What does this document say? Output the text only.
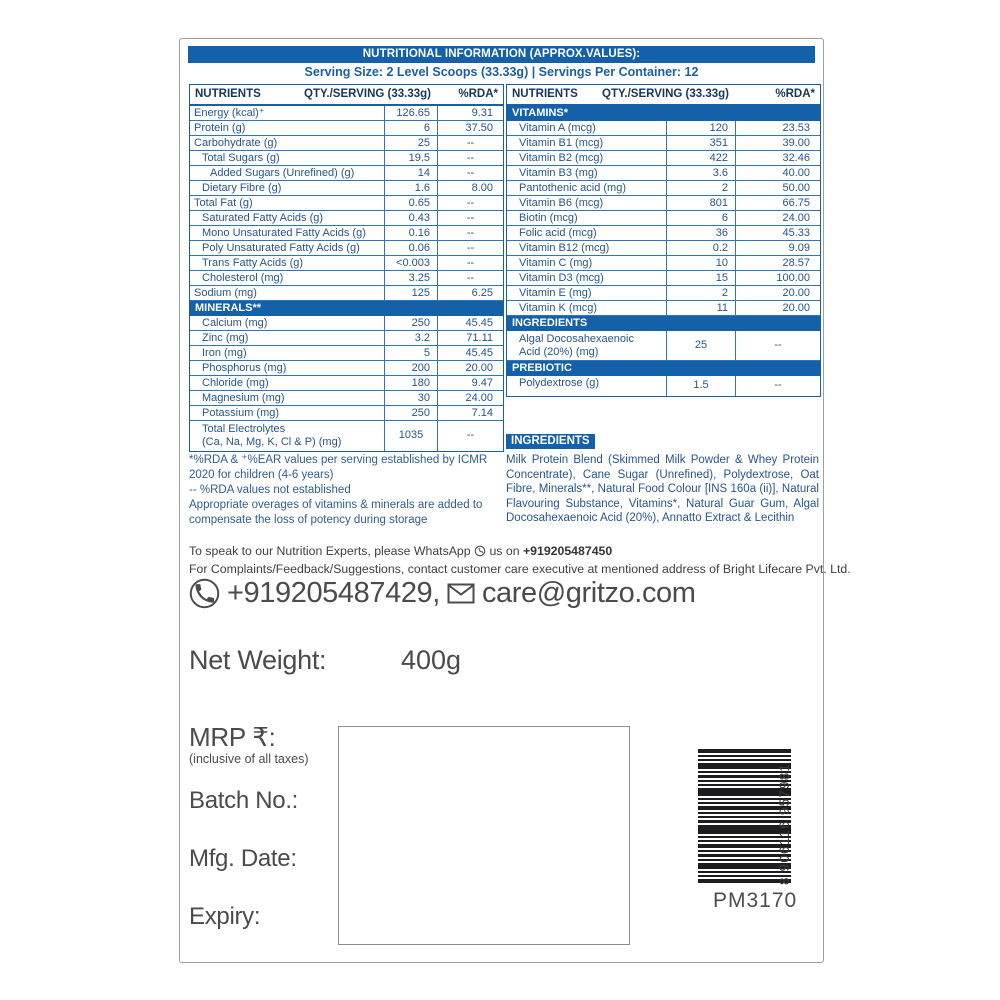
NUTRITIONAL INFORMATION (APPROX.VALUES):
Serving Size: 2 Level Scoops (33.33g) | Servings Per Container: 12
NUTRIENTS	QTY./SERVING (33.33g) %RDA*
Energy (kcal)⁺	126.65	9.31
Protein (g)	6	37.50
Carbohydrate (g)	25	--
Total Sugars (g)	19.5	--
Added Sugars (Unrefined) (g)	14	--
Dietary Fibre (g)	1.6	8.00
Total Fat (g)	0.65	--
Saturated Fatty Acids (g)	0.43	--
Mono Unsaturated Fatty Acids (g)	0.16	--
Poly Unsaturated Fatty Acids (g)	0.06	--
Trans Fatty Acids (g)	<0.003	--
Cholesterol (mg)	3.25	--
Sodium (mg)	125	6.25
MINERALS**
Calcium (mg)	250	45.45
Zinc (mg)	3.2	71.11
Iron (mg)	5	45.45
Phosphorus (mg)	200	20.00
Chloride (mg)	180	9.47
Magnesium (mg)	30	24.00
Potassium (mg)	250	7.14
Total Electrolytes
(Ca, Na, Mg, K, Cl & P) (mg)
1035	--
NUTRIENTS QTY./SERVING (33.33g)	%RDA*
VITAMINS*
Vitamin A (mcg)	120	23.53
Vitamin B1 (mcg)	351	39.00
Vitamin B2 (mcg)	422	32.46
Vitamin B3 (mg)	3.6	40.00
Pantothenic acid (mg)	2	50.00
Vitamin B6 (mcg)	801	66.75
Biotin (mcg)	6	24.00
Folic acid (mcg)	36	45.33
Vitamin B12 (mcg)	0.2	9.09
Vitamin C (mg)	10	28.57
Vitamin D3 (mcg)	15	100.00
Vitamin E (mg)	2	20.00
Vitamin K (mcg)	11	20.00
INGREDIENTS
Algal Docosahexaenoic
Acid (20%) (mg)
25	--
PREBIOTIC
Polydextrose (g)	1.5	--
*%RDA & ⁺%EAR values per serving established by ICMR 2020 for children (4-6 years)
-- %RDA values not established
Appropriate overages of vitamins & minerals are added to compensate the loss of potency during storage
INGREDIENTS
Milk Protein Blend (Skimmed Milk Powder & Whey Protein Concentrate), Cane Sugar (Unrefined), Polydextrose, Oat Fibre, Minerals**, Natural Food Colour [INS 160a (ii)], Natural Flavouring Substance, Vitamins*, Natural Guar Gum, Algal Docosahexaenoic Acid (20%), Annatto Extract & Lecithin
To speak to our Nutrition Experts, please WhatsApp us on +919205487450
For Complaints/Feedback/Suggestions, contact customer care executive at mentioned address of Bright Lifecare Pvt. Ltd.
+919205487429, care@gritzo.com
Net Weight:	400g
MRP ₹:
(inclusive of all taxes)
Batch No.:
Mfg. Date:
Expiry:
8 906116 957981
PM3170
